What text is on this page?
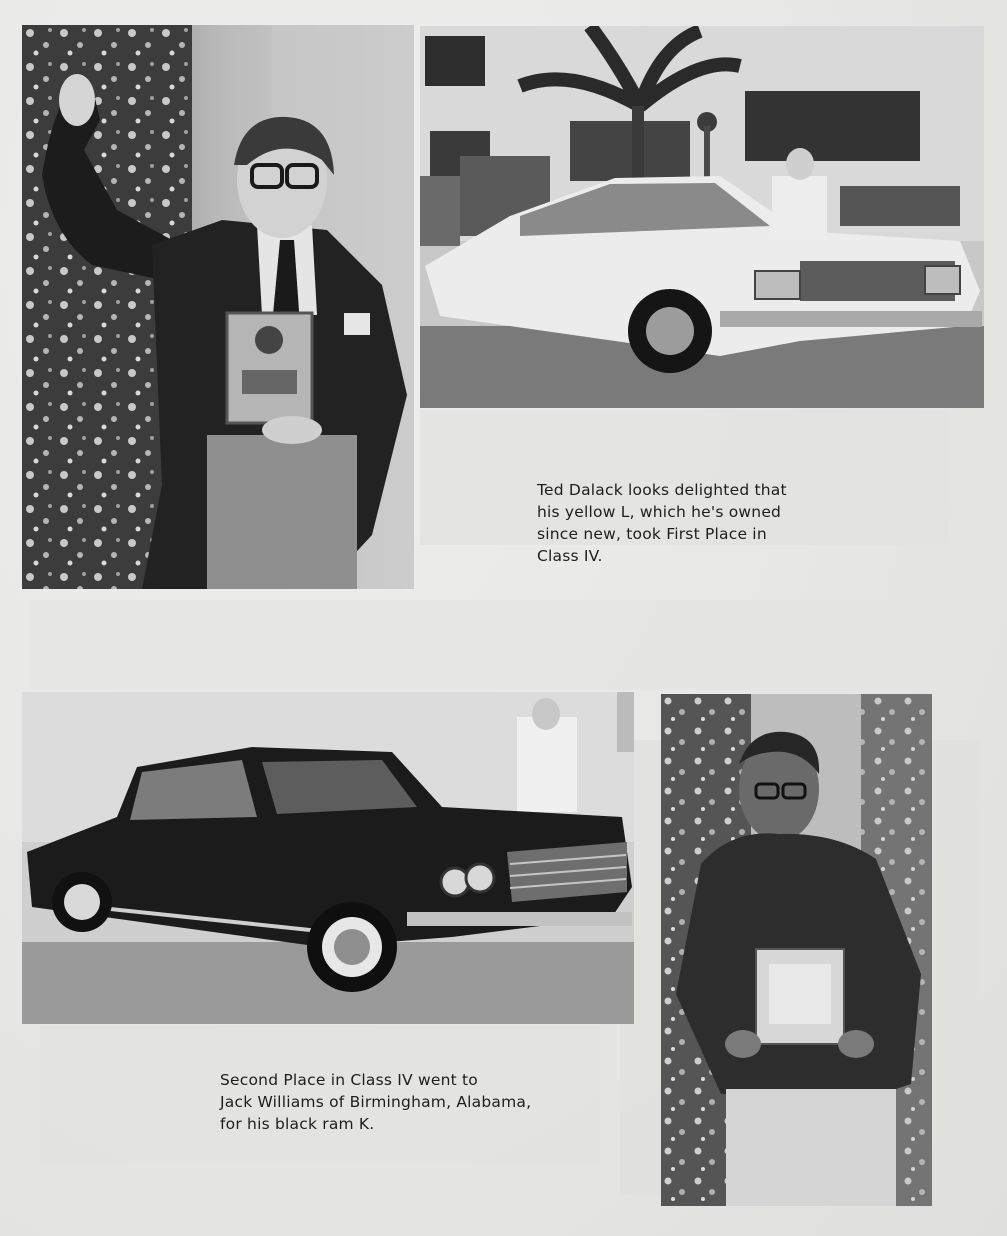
Ted Dalack looks delighted that
his yellow L, which he's owned
since new, took First Place in
Class IV.
Second Place in Class IV went to
Jack Williams of Birmingham, Alabama,
for his black ram K.
